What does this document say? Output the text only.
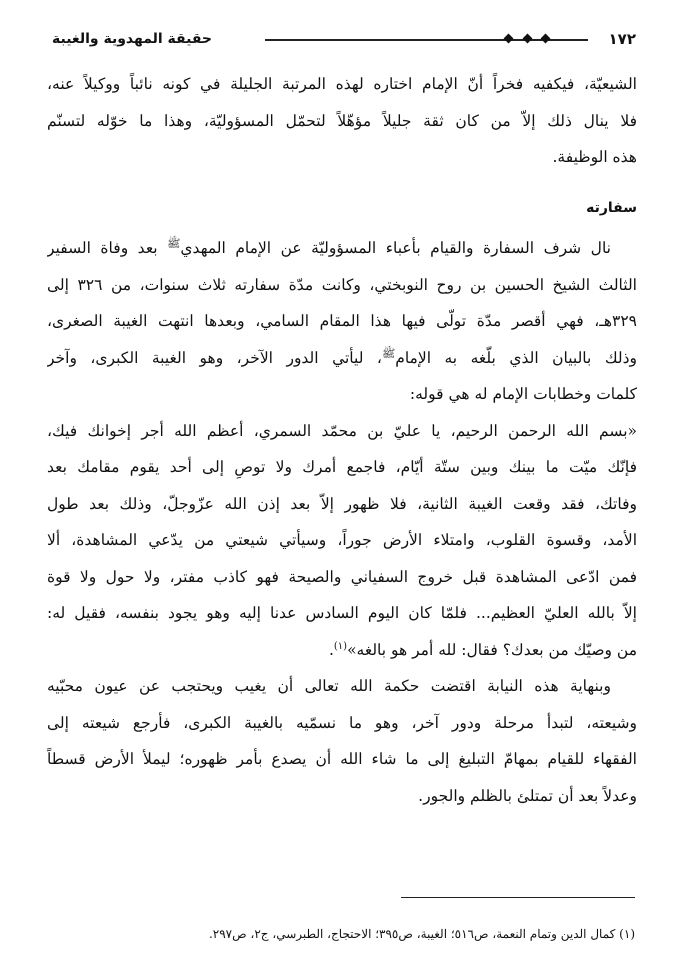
١٧٢
حقيقة المهدوية والغيبة

الشيعيّة، فيكفيه فخراً أنّ الإمام اختاره لهذه المرتبة الجليلة في كونه نائباً ووكيلاً عنه،
فلا ينال ذلك إلاّ من كان ثقة جليلاً مؤهّلاً لتحمّل المسؤوليّة، وهذا ما خوّله لتسنّم
هذه الوظيفة.

سفارته

نال شرف السفارة والقيام بأعباء المسؤوليّة عن الإمام المهدي$^ﷺ$ بعد وفاة السفير
الثالث الشيخ الحسين بن روح النوبختي، وكانت مدّة سفارته ثلاث سنوات، من ٣٢٦ إلى
٣٢٩هـ، فهي أقصر مدّة تولّى فيها هذا المقام السامي، وبعدها انتهت الغيبة الصغرى،
وذلك بالبيان الذي بلّغه به الإمام$^ﷺ$، ليأتي الدور الآخر، وهو الغيبة الكبرى، وآخر
كلمات وخطابات الإمام له هي قوله:

«بسم الله الرحمن الرحيم، يا عليّ بن محمّد السمري، أعظم الله أجر إخوانك فيك،
فإنّك ميّت ما بينك وبين ستّة أيّام، فاجمع أمرك ولا توصِ إلى أحد يقوم مقامك بعد
وفاتك، فقد وقعت الغيبة الثانية، فلا ظهور إلاّ بعد إذن الله عزّوجلّ، وذلك بعد طول
الأمد، وقسوة القلوب، وامتلاء الأرض جوراً، وسيأتي شيعتي من يدّعي المشاهدة، ألا
فمن ادّعى المشاهدة قبل خروج السفياني والصيحة فهو كاذب مفتر، ولا حول ولا قوة
إلاّ بالله العليّ العظيم... فلمّا كان اليوم السادس عدنا إليه وهو يجود بنفسه، فقيل له:
من وصيّك من بعدك؟ فقال: لله أمر هو بالغه»$^{(١)}$.

وبنهاية هذه النيابة اقتضت حكمة الله تعالى أن يغيب ويحتجب عن عيون محبّيه
وشيعته، لتبدأ مرحلة ودور آخر، وهو ما نسمّيه بالغيبة الكبرى، فأرجع شيعته إلى
الفقهاء للقيام بمهامّ التبليغ إلى ما شاء الله أن يصدع بأمر ظهوره؛ ليملأ الأرض قسطاً
وعدلاً بعد أن تمتلئ بالظلم والجور.

(١) كمال الدين وتمام النعمة، ص٥١٦؛ الغيبة، ص٣٩٥؛ الاحتجاج، الطبرسي، ج٢، ص٢٩٧.
